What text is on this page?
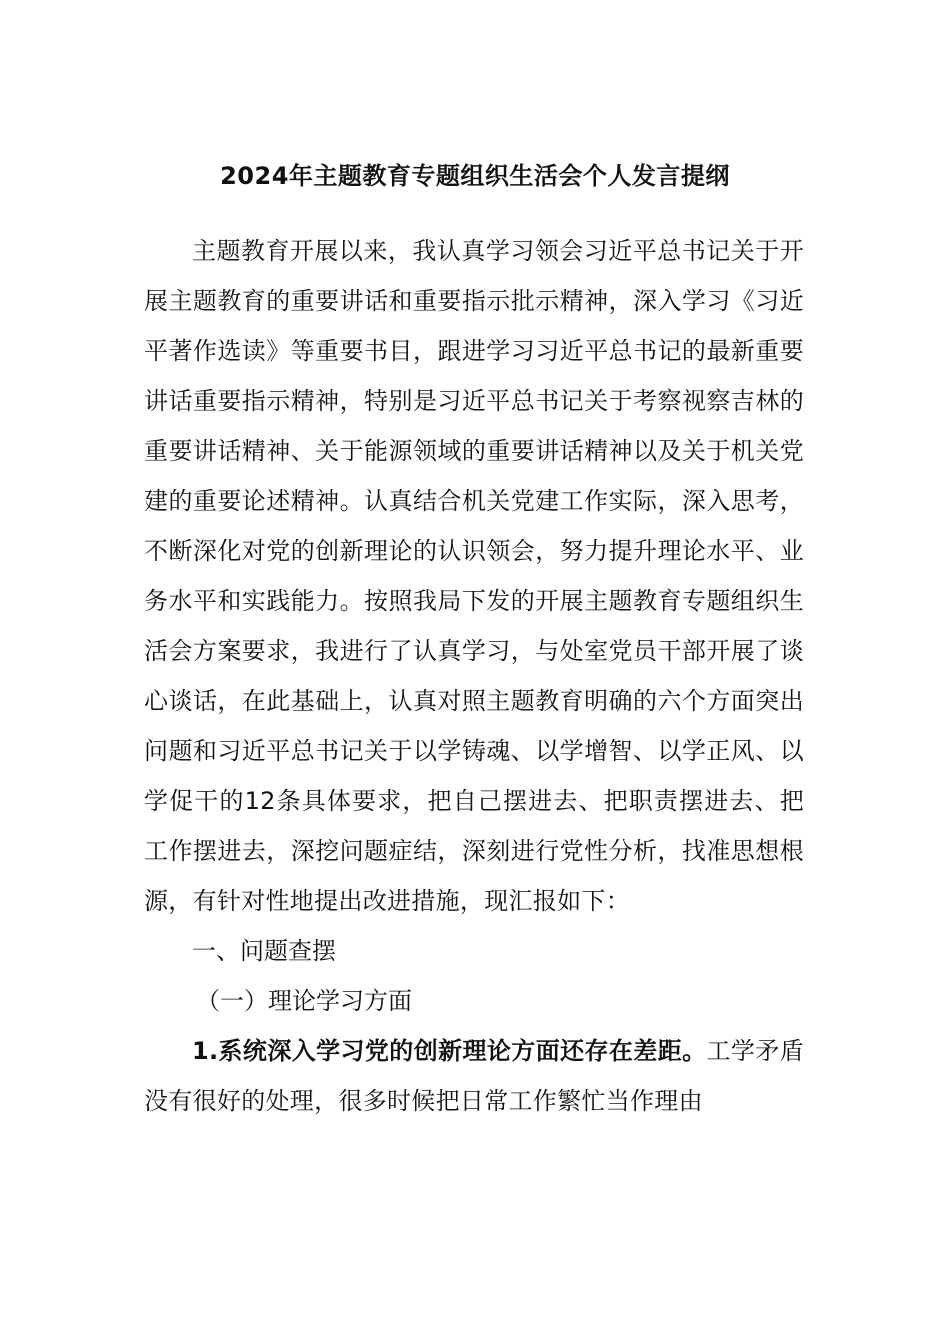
2024年主题教育专题组织生活会个人发言提纲

主题教育开展以来，我认真学习领会习近平总书记关于开展主题教育的重要讲话和重要指示批示精神，深入学习《习近平著作选读》等重要书目，跟进学习习近平总书记的最新重要讲话重要指示精神，特别是习近平总书记关于考察视察吉林的重要讲话精神、关于能源领域的重要讲话精神以及关于机关党建的重要论述精神。认真结合机关党建工作实际，深入思考，不断深化对党的创新理论的认识领会，努力提升理论水平、业务水平和实践能力。按照我局下发的开展主题教育专题组织生活会方案要求，我进行了认真学习，与处室党员干部开展了谈心谈话，在此基础上，认真对照主题教育明确的六个方面突出问题和习近平总书记关于以学铸魂、以学增智、以学正风、以学促干的12条具体要求，把自己摆进去、把职责摆进去、把工作摆进去，深挖问题症结，深刻进行党性分析，找准思想根源，有针对性地提出改进措施，现汇报如下：

一、问题查摆

（一）理论学习方面

1.系统深入学习党的创新理论方面还存在差距。工学矛盾没有很好的处理，很多时候把日常工作繁忙当作理由
